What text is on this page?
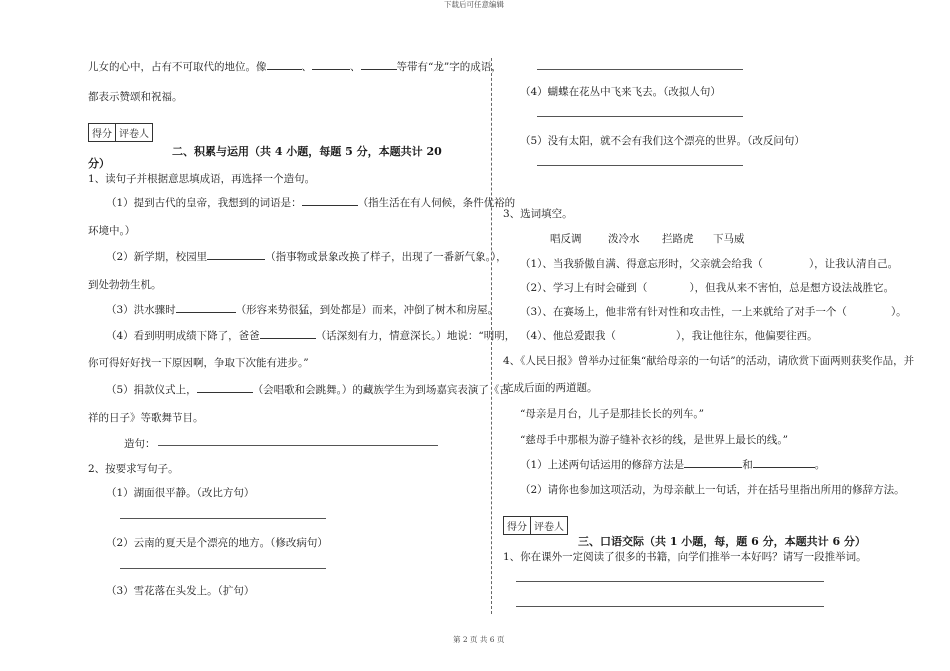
下载后可任意编辑
第 2 页 共 6 页
儿女的心中，占有不可取代的地位。像	、	、	等带有“龙”字的成语，
都表示赞颂和祝福。
得分 评卷人
二、积累与运用（共 4 小题，每题 5 分，本题共计 20
分）
1、读句子并根据意思填成语，再选择一个造句。
（1）提到古代的皇帝，我想到的词语是：	（指生活在有人伺候，条件优裕的
环境中。）
（2）新学期，校园里	（指事物或景象改换了样子，出现了一番新气象。），
到处勃勃生机。
（3）洪水骤时	（形容来势很猛，到处都是）而来，冲倒了树木和房屋。
（4）看到明明成绩下降了，爸爸	（话深刻有力，情意深长。）地说：“明明，
你可得好好找一下原因啊，争取下次能有进步。”
（5）捐款仪式上，	（会唱歌和会跳舞。）的藏族学生为到场嘉宾表演了《古
祥的日子》等歌舞节目。
造句：
2、按要求写句子。
（1）湖面很平静。（改比方句）
（2）云南的夏天是个漂亮的地方。（修改病句）
（3）雪花落在头发上。（扩句）
（4）蝴蝶在花丛中飞来飞去。（改拟人句）
（5）没有太阳，就不会有我们这个漂亮的世界。（改反问句）
3、选词填空。
唱反调	泼冷水 拦路虎 下马威
（1）、当我骄傲自满、得意忘形时，父亲就会给我（	），让我认清自己。
（2）、学习上有时会碰到（	），但我从来不害怕，总是想方设法战胜它。
（3）、在赛场上，他非常有针对性和攻击性，一上来就给了对手一个（	）。
（4）、他总爱跟我（	），我让他往东，他偏要往西。
4、《人民日报》曾举办过征集“献给母亲的一句话”的活动，请欣赏下面两则获奖作品，并
完成后面的两道题。
“母亲是月台，儿子是那挂长长的列车。”
“慈母手中那根为游子缝补衣衫的线，是世界上最长的线。”
（1）上述两句话运用的修辞方法是	和	。
（2）请你也参加这项活动，为母亲献上一句话，并在括号里指出所用的修辞方法。
得分 评卷人
三、口语交际（共 1 小题，每，题 6 分，本题共计 6 分）
1、你在课外一定阅读了很多的书籍，向学们推举一本好吗？请写一段推举词。
